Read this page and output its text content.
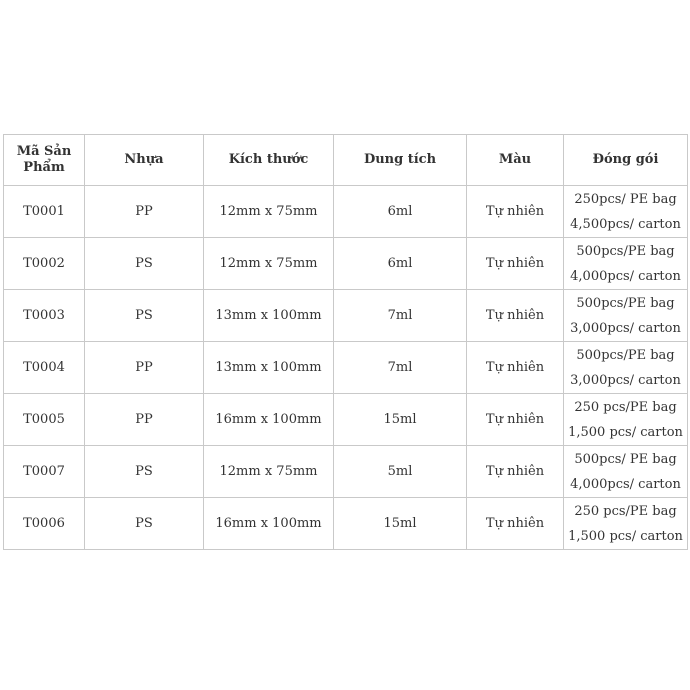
Mã Sản Phẩm	Nhựa	Kích thước	Dung tích	Màu	Đóng gói
T0001	PP	12mm x 75mm	6ml	Tự nhiên	250pcs/ PE bag
4,500pcs/ carton

T0002	PS	12mm x 75mm	6ml	Tự nhiên	500pcs/PE bag
4,000pcs/ carton

T0003	PS	13mm x 100mm	7ml	Tự nhiên	500pcs/PE bag
3,000pcs/ carton

T0004	PP	13mm x 100mm	7ml	Tự nhiên	500pcs/PE bag
3,000pcs/ carton

T0005	PP	16mm x 100mm	15ml	Tự nhiên	250 pcs/PE bag
1,500 pcs/ carton

T0007	PS	12mm x 75mm	5ml	Tự nhiên	500pcs/ PE bag
4,000pcs/ carton

T0006	PS	16mm x 100mm	15ml	Tự nhiên	250 pcs/PE bag
1,500 pcs/ carton
